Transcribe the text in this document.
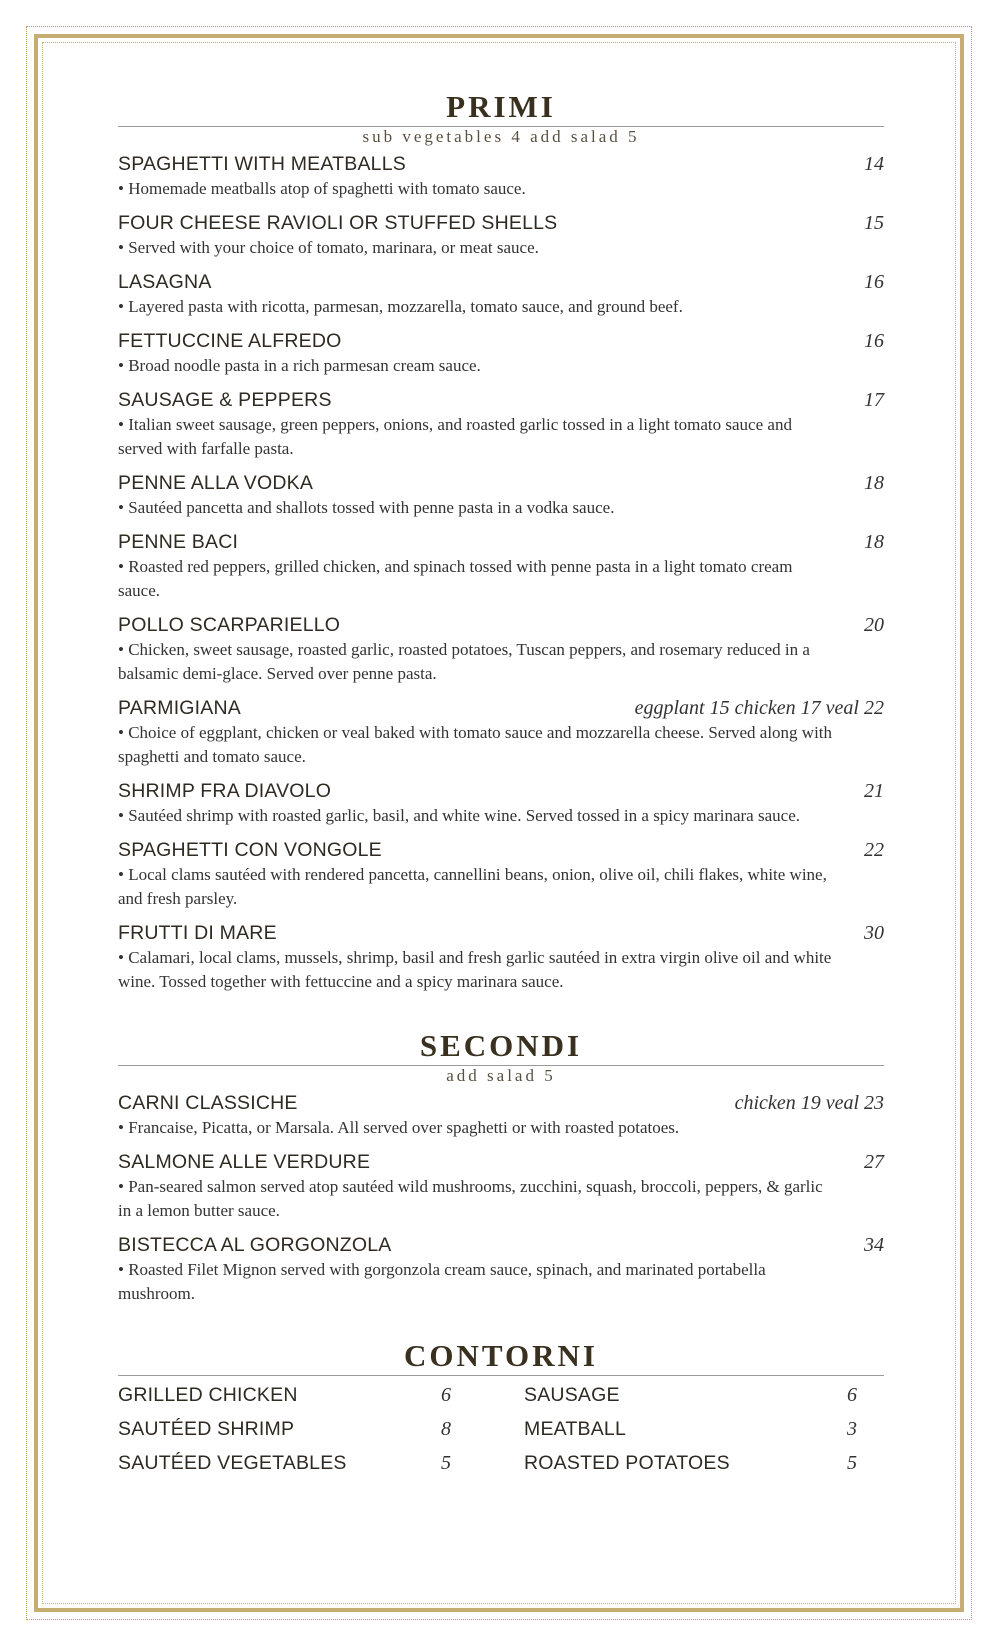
PRIMI
sub vegetables 4 add salad 5
SPAGHETTI WITH MEATBALLS	14
• Homemade meatballs atop of spaghetti with tomato sauce.
FOUR CHEESE RAVIOLI OR STUFFED SHELLS	15
• Served with your choice of tomato, marinara, or meat sauce.
LASAGNA	16
• Layered pasta with ricotta, parmesan, mozzarella, tomato sauce, and ground beef.
FETTUCCINE ALFREDO	16
• Broad noodle pasta in a rich parmesan cream sauce.
SAUSAGE & PEPPERS	17
• Italian sweet sausage, green peppers, onions, and roasted garlic tossed in a light tomato sauce and served with farfalle pasta.
PENNE ALLA VODKA	18
• Sautéed pancetta and shallots tossed with penne pasta in a vodka sauce.
PENNE BACI	18
• Roasted red peppers, grilled chicken, and spinach tossed with penne pasta in a light tomato cream sauce.
POLLO SCARPARIELLO	20
• Chicken, sweet sausage, roasted garlic, roasted potatoes, Tuscan peppers, and rosemary reduced in a balsamic demi-glace. Served over penne pasta.
PARMIGIANA	eggplant 15 chicken 17 veal 22
• Choice of eggplant, chicken or veal baked with tomato sauce and mozzarella cheese. Served along with spaghetti and tomato sauce.
SHRIMP FRA DIAVOLO	21
• Sautéed shrimp with roasted garlic, basil, and white wine. Served tossed in a spicy marinara sauce.
SPAGHETTI CON VONGOLE	22
• Local clams sautéed with rendered pancetta, cannellini beans, onion, olive oil, chili flakes, white wine, and fresh parsley.
FRUTTI DI MARE	30
• Calamari, local clams, mussels, shrimp, basil and fresh garlic sautéed in extra virgin olive oil and white wine. Tossed together with fettuccine and a spicy marinara sauce.
SECONDI
add salad 5
CARNI CLASSICHE	chicken 19 veal 23
• Francaise, Picatta, or Marsala. All served over spaghetti or with roasted potatoes.
SALMONE ALLE VERDURE	27
• Pan-seared salmon served atop sautéed wild mushrooms, zucchini, squash, broccoli, peppers, & garlic in a lemon butter sauce.
BISTECCA AL GORGONZOLA	34
• Roasted Filet Mignon served with gorgonzola cream sauce, spinach, and marinated portabella mushroom.
CONTORNI
GRILLED CHICKEN	6
SAUTÉED SHRIMP	8
SAUTÉED VEGETABLES	5
SAUSAGE	6
MEATBALL	3
ROASTED POTATOES	5
